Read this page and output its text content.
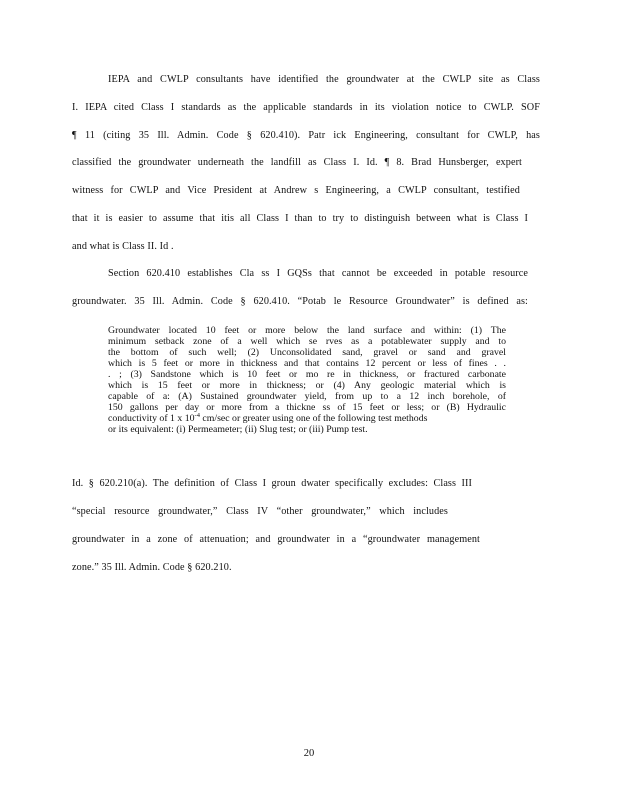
IEPA and CWLP consultants have identified the groundwater at the CWLP site as Class
I. IEPA cited Class I standards as the applicable standards in its violation notice to CWLP. SOF
¶ 11 (citing 35 Ill. Admin. Code § 620.410). Patr ick Engineering, consultant for CWLP, has
classified the groundwater underneath the landfill as Class I. Id. ¶ 8. Brad Hunsberger, expert
witness for CWLP and Vice President at Andrew s Engineering, a CWLP consultant, testified
that it is easier to assume that itis all Class I than to try to distinguish between what is Class I
and what is Class II. Id .
Section 620.410 establishes Cla ss I GQSs that cannot be exceeded in potable resource
groundwater. 35 Ill. Admin. Code § 620.410. “Potab le Resource Groundwater” is defined as:
Groundwater located 10 feet or more below the land surface and within: (1) The
minimum setback zone of a well which se rves as a potablewater supply and to
the bottom of such well; (2) Unconsolidated sand, gravel or sand and gravel
which is 5 feet or more in thickness and that contains 12 percent or less of fines . .
. ; (3) Sandstone which is 10 feet or mo re in thickness, or fractured carbonate
which is 15 feet or more in thickness; or (4) Any geologic material which is
capable of a: (A) Sustained groundwater yield, from up to a 12 inch borehole, of
150 gallons per day or more from a thickne ss of 15 feet or less; or (B) Hydraulic
conductivity of 1 x $10^{-4}$ cm/sec or greater using one of the following test methods
or its equivalent: (i) Permeameter; (ii) Slug test; or (iii) Pump test.
Id. § 620.210(a). The definition of Class I groun dwater specifically excludes: Class III
“special resource groundwater,” Class IV “other groundwater,” which includes
groundwater in a zone of attenuation; and groundwater in a “groundwater management
zone.” 35 Ill. Admin. Code § 620.210.
20
